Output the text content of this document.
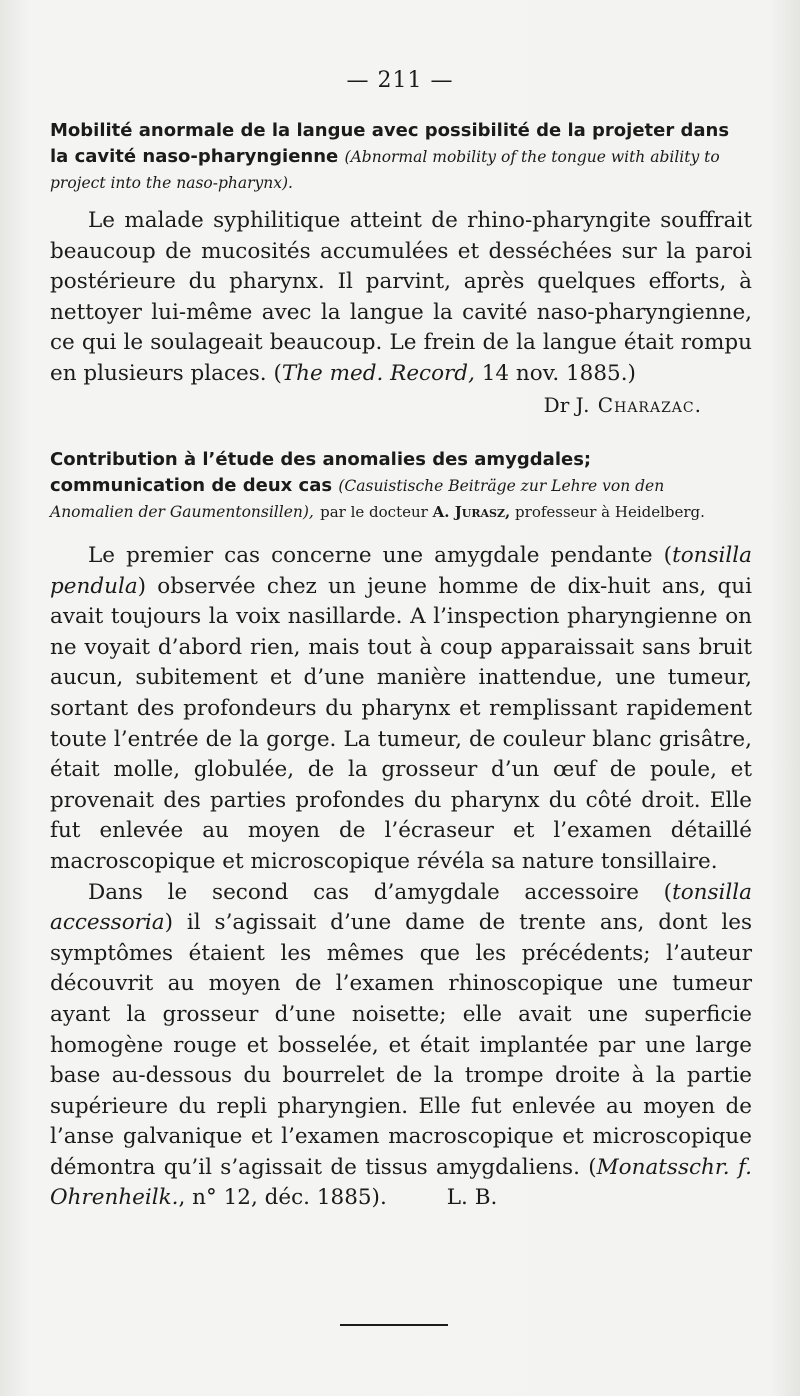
— 211 —
Mobilité anormale de la langue avec possibilité de la projeter dans la cavité naso-pharyngienne (Abnormal mobility of the tongue with ability to project into the naso-pharynx).

Le malade syphilitique atteint de rhino-pharyngite souffrait beaucoup de mucosités accumulées et desséchées sur la paroi postérieure du pharynx. Il parvint, après quelques efforts, à nettoyer lui-même avec la langue la cavité naso-pharyngienne, ce qui le soulageait beaucoup. Le frein de la langue était rompu en plusieurs places. (The med. Record, 14 nov. 1885.)

Dr J. Charazac.
Contribution à l’étude des anomalies des amygdales; communication de deux cas (Casuistische Beiträge zur Lehre von den Anomalien der Gaumentonsillen), par le docteur A. Jurasz, professeur à Heidelberg.

Le premier cas concerne une amygdale pendante (tonsilla pendula) observée chez un jeune homme de dix-huit ans, qui avait toujours la voix nasillarde. A l’inspection pharyngienne on ne voyait d’abord rien, mais tout à coup apparaissait sans bruit aucun, subitement et d’une manière inattendue, une tumeur, sortant des profondeurs du pharynx et remplissant rapidement toute l’entrée de la gorge. La tumeur, de couleur blanc grisâtre, était molle, globulée, de la grosseur d’un œuf de poule, et provenait des parties profondes du pharynx du côté droit. Elle fut enlevée au moyen de l’écraseur et l’examen détaillé macroscopique et microscopique révéla sa nature tonsillaire.

Dans le second cas d’amygdale accessoire (tonsilla accessoria) il s’agissait d’une dame de trente ans, dont les symptômes étaient les mêmes que les précédents; l’auteur découvrit au moyen de l’examen rhinoscopique une tumeur ayant la grosseur d’une noisette; elle avait une superficie homogène rouge et bosselée, et était implantée par une large base au-dessous du bourrelet de la trompe droite à la partie supérieure du repli pharyngien. Elle fut enlevée au moyen de l’anse galvanique et l’examen macroscopique et microscopique démontra qu’il s’agissait de tissus amygdaliens. (Monatsschr. f. Ohrenheilk., n° 12, déc. 1885).	L. B.
